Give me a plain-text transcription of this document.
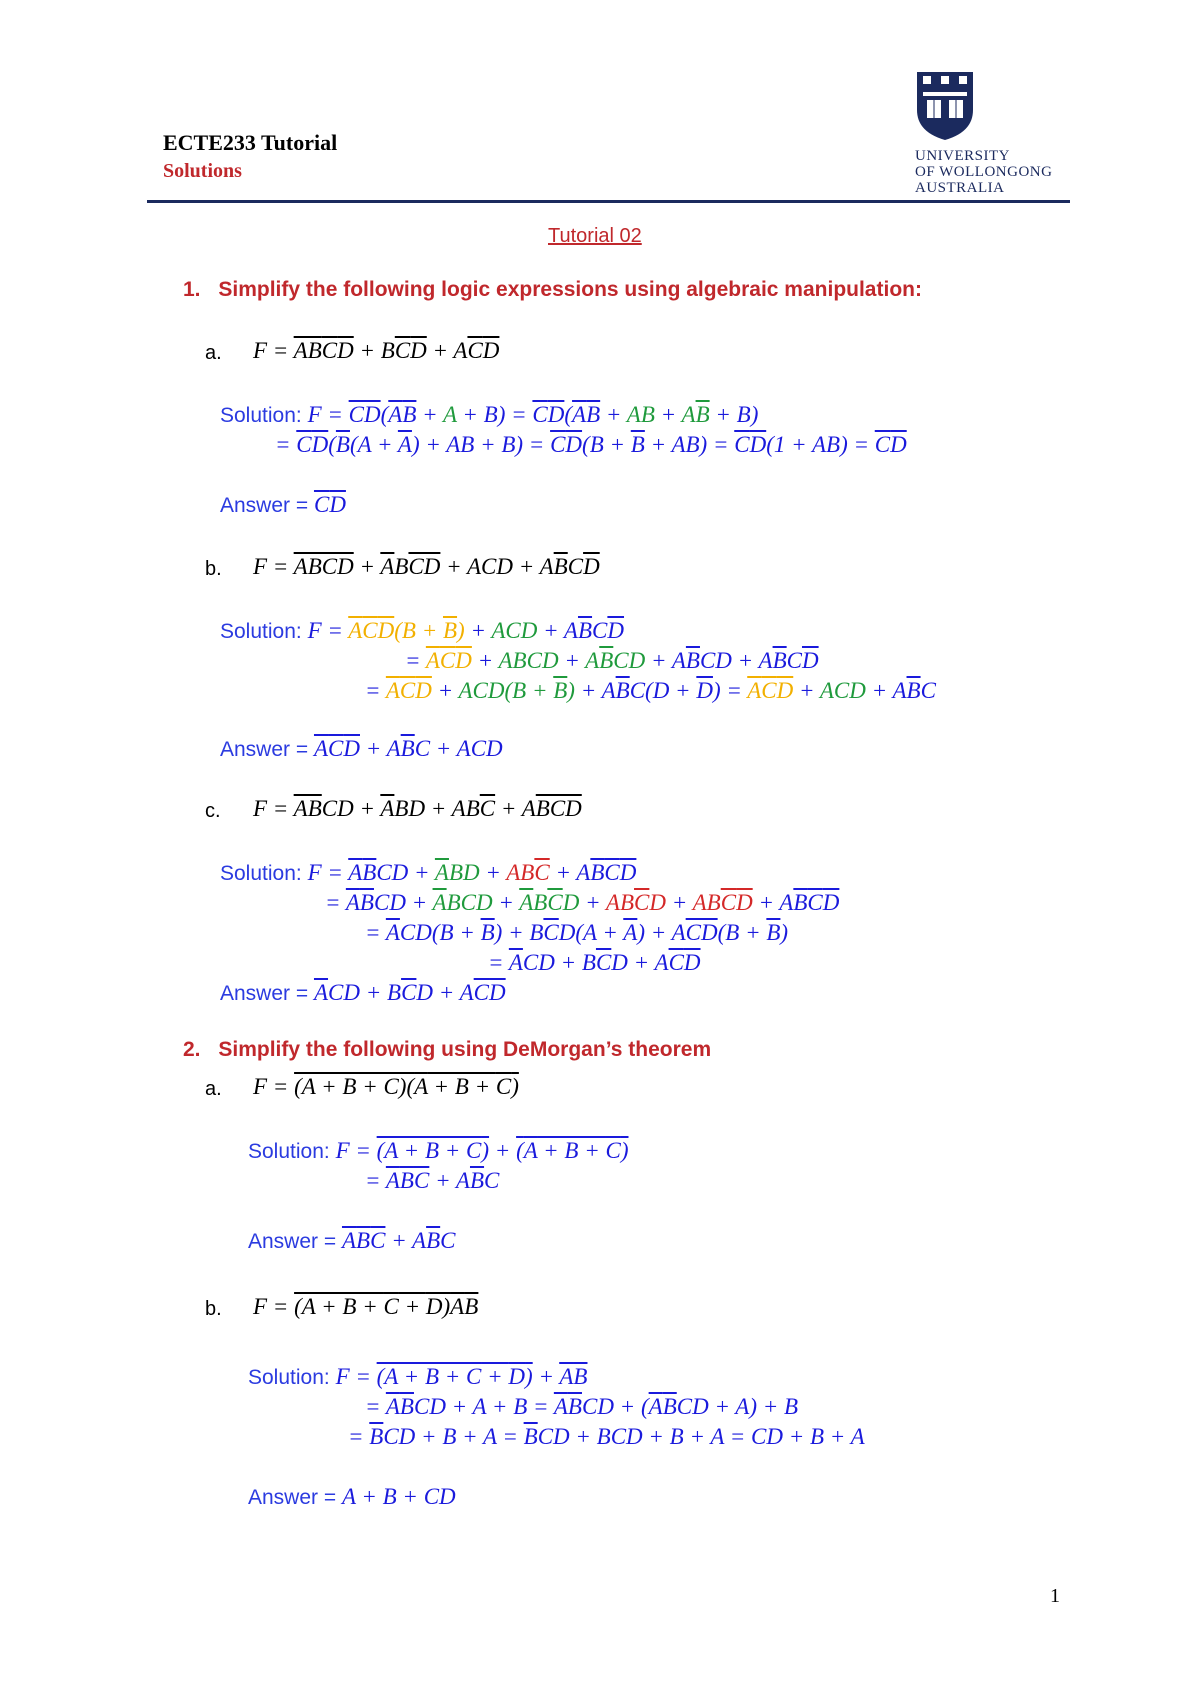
ECTE233 Tutorial
Solutions
UNIVERSITY
OF WOLLONGONG
AUSTRALIA
Tutorial 02
1. Simplify the following logic expressions using algebraic manipulation:
a. $F = \overline{AB}\overline{C}\overline{D} + B\overline{C}\overline{D} + A\overline{C}\overline{D}$
Solution: $F = \overline{C}\overline{D}(\overline{A}\overline{B} + A + B) = \overline{C}\overline{D}(\overline{A}\overline{B}$ + AB + $A\overline{B} + B$)
= $\overline{C}\overline{D}(\overline{B}(A + \overline{A})$ + AB + $B) = \overline{C}\overline{D}(B + \overline{B} + AB) = \overline{C}\overline{D}(1 + AB) = \overline{C}\overline{D}$
Answer = $\overline{C}\overline{D}$
b. F = ABCD + $\overline{A}B\overline{CD}$ + ACD + $A\overline{B}C\overline{D}$
Solution: $F = \overline{A}\overline{C}\overline{D}(B + \overline{B})$ + ACD + $A\overline{B}C\overline{D}$
= $\overline{A}\overline{C}\overline{D}$ + ABCD + $A\overline{B}CD + A\overline{B}CD + A\overline{B}C\overline{D}$
= $\overline{A}\overline{C}\overline{D} + ACD(B + \overline{B}) + A\overline{B}C(D + \overline{D}) = \overline{A}\overline{C}\overline{D}$ + ACD + $A\overline{B}C$
Answer = $\overline{A}\overline{C}\overline{D} + A\overline{B}C$ + ACD
c. $F = \overline{AB}CD + \overline{A}BD + AB\overline{C} + A\overline{BCD}$
Solution: $F = \overline{A}\overline{B}CD + \overline{A}BD + AB\overline{C} + A\overline{B}\overline{C}\overline{D}$
= $\overline{A}\overline{B}CD + \overline{A}BCD + \overline{A}B\overline{C}D + AB\overline{C}D + AB\overline{C}\overline{D} + A\overline{B}\overline{C}\overline{D}$
= $\overline{A}CD(B + \overline{B}) + B\overline{C}D(A + \overline{A}) + A\overline{C}\overline{D}(B + \overline{B})$
= $\overline{A}CD + B\overline{C}D + A\overline{C}\overline{D}$
Answer = $\overline{A}CD + B\overline{C}D + A\overline{C}\overline{D}$
2. Simplify the following using DeMorgan’s theorem
a. F = (A + B + C)(A + B + C)
Solution: F = (A + B + C) + (A + B + C)
= $\overline{A}\overline{B}\overline{C} + A\overline{B}C$
Answer = $\overline{A}\overline{B}\overline{C} + A\overline{B}C$
b. F = (A + B + C + D)AB
Solution: F = (A + B + C + D) + AB
= $\overline{A}\overline{B}CD + A + B = \overline{A}\overline{B}CD + (\overline{A}\overline{B}CD + A) + B$
= $\overline{B}CD + B + A = \overline{B}CD$ + BCD + B + A = CD + B + A
Answer = A + B + CD
1
